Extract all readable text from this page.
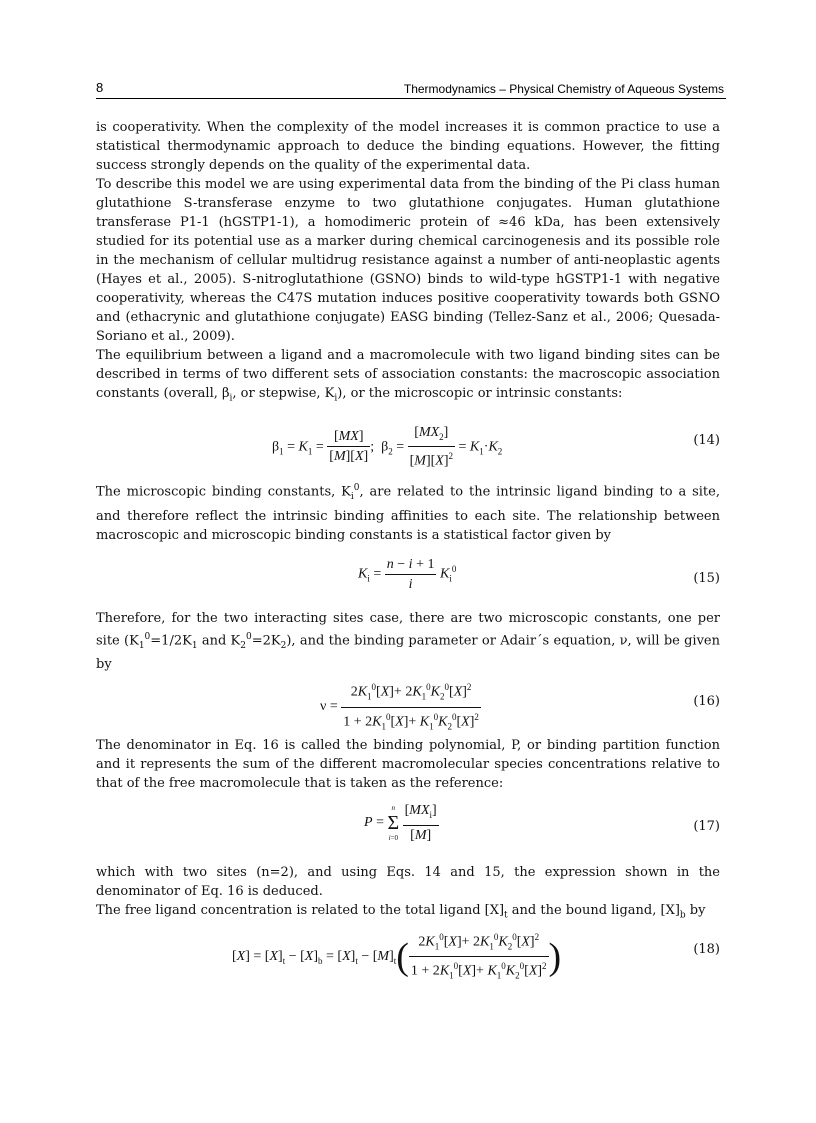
8	Thermodynamics – Physical Chemistry of Aqueous Systems

is cooperativity. When the complexity of the model increases it is common practice to use a statistical thermodynamic approach to deduce the binding equations. However, the fitting success strongly depends on the quality of the experimental data.

To describe this model we are using experimental data from the binding of the Pi class human glutathione S-transferase enzyme to two glutathione conjugates. Human glutathione transferase P1-1 (hGSTP1-1), a homodimeric protein of ≈46 kDa, has been extensively studied for its potential use as a marker during chemical carcinogenesis and its possible role in the mechanism of cellular multidrug resistance against a number of anti-neoplastic agents (Hayes et al., 2005). S-nitroglutathione (GSNO) binds to wild-type hGSTP1-1 with negative cooperativity, whereas the C47S mutation induces positive cooperativity towards both GSNO and (ethacrynic and glutathione conjugate) EASG binding (Tellez-Sanz et al., 2006; Quesada-Soriano et al., 2009).

The equilibrium between a ligand and a macromolecule with two ligand binding sites can be described in terms of two different sets of association constants: the macroscopic association constants (overall, $\beta_i$, or stepwise, $K_i$), or the microscopic or intrinsic constants:

$\beta_1 = K_1 = \frac{[MX]}{[M][X]}$ ;  $\beta_2 = \frac{[MX_2]}{[M][X]^2} = K_1\cdot K_2$
(14)

The microscopic binding constants, $K_i^0$, are related to the intrinsic ligand binding to a site, and therefore reflect the intrinsic binding affinities to each site. The relationship between macroscopic and microscopic binding constants is a statistical factor given by

$K_i = \frac{n - i + 1}{i} K_i^0$
(15)

Therefore, for the two interacting sites case, there are two microscopic constants, one per site ($K_1^0=1/2K_1$ and $K_2^0=2K_2$), and the binding parameter or Adair´s equation, ν, will be given by

$\nu = \frac{2K_1^0[X]+ 2K_1^0K_2^0[X]^2}{1 + 2K_1^0[X]+ K_1^0K_2^0[X]^2}$	(16)

The denominator in Eq. 16 is called the binding polynomial, P, or binding partition function and it represents the sum of the different macromolecular species concentrations relative to that of the free macromolecule that is taken as the reference:

P =
n
Σ
i=0
$\frac{[MX_i]}{[M]}$	(17)

which with two sites (n=2), and using Eqs. 14 and 15, the expression shown in the denominator of Eq. 16 is deduced.

The free ligand concentration is related to the total ligand $[X]_t$ and the bound ligand, $[X]_b$ by

$[X] = [X]_t - [X]_b = [X]_t - [M]_t( \frac{2K_1^0[X]+ 2K_1^0K_2^0[X]^2}{1 + 2K_1^0[X]+ K_1^0K_2^0[X]^2}$ )	(18)
